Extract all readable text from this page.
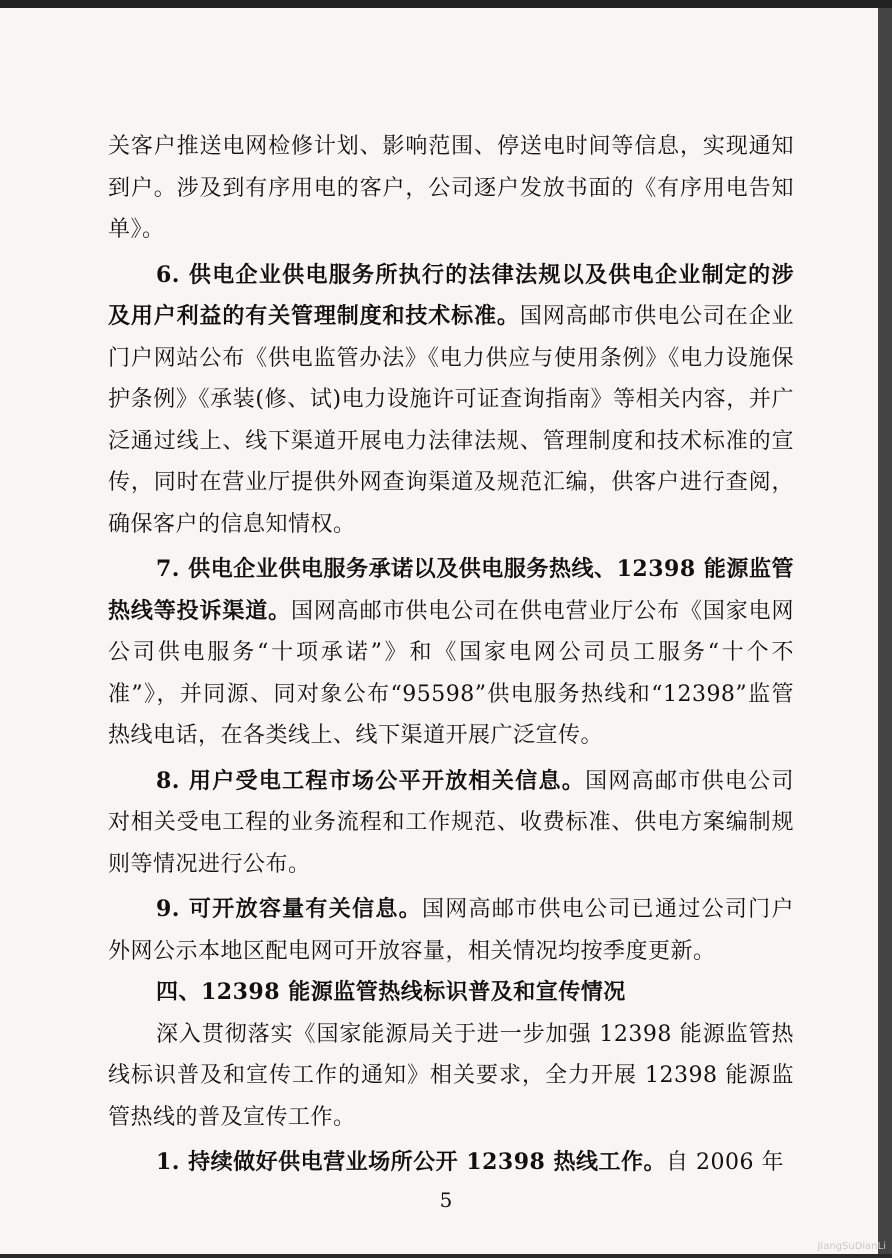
关客户推送电网检修计划、影响范围、停送电时间等信息，实现通知到户。涉及到有序用电的客户，公司逐户发放书面的《有序用电告知单》。

6. 供电企业供电服务所执行的法律法规以及供电企业制定的涉及用户利益的有关管理制度和技术标准。国网高邮市供电公司在企业门户网站公布《供电监管办法》《电力供应与使用条例》《电力设施保护条例》《承装(修、试)电力设施许可证查询指南》等相关内容，并广泛通过线上、线下渠道开展电力法律法规、管理制度和技术标准的宣传，同时在营业厅提供外网查询渠道及规范汇编，供客户进行查阅，确保客户的信息知情权。

7. 供电企业供电服务承诺以及供电服务热线、12398 能源监管热线等投诉渠道。国网高邮市供电公司在供电营业厅公布《国家电网公司供电服务“十项承诺”》和《国家电网公司员工服务“十个不准”》，并同源、同对象公布“95598”供电服务热线和“12398”监管热线电话，在各类线上、线下渠道开展广泛宣传。

8. 用户受电工程市场公平开放相关信息。国网高邮市供电公司对相关受电工程的业务流程和工作规范、收费标准、供电方案编制规则等情况进行公布。

9. 可开放容量有关信息。国网高邮市供电公司已通过公司门户外网公示本地区配电网可开放容量，相关情况均按季度更新。

四、12398 能源监管热线标识普及和宣传情况

深入贯彻落实《国家能源局关于进一步加强 12398 能源监管热线标识普及和宣传工作的通知》相关要求，全力开展 12398 能源监管热线的普及宣传工作。

1. 持续做好供电营业场所公开 12398 热线工作。自 2006 年

5
JiangSuDianLi
